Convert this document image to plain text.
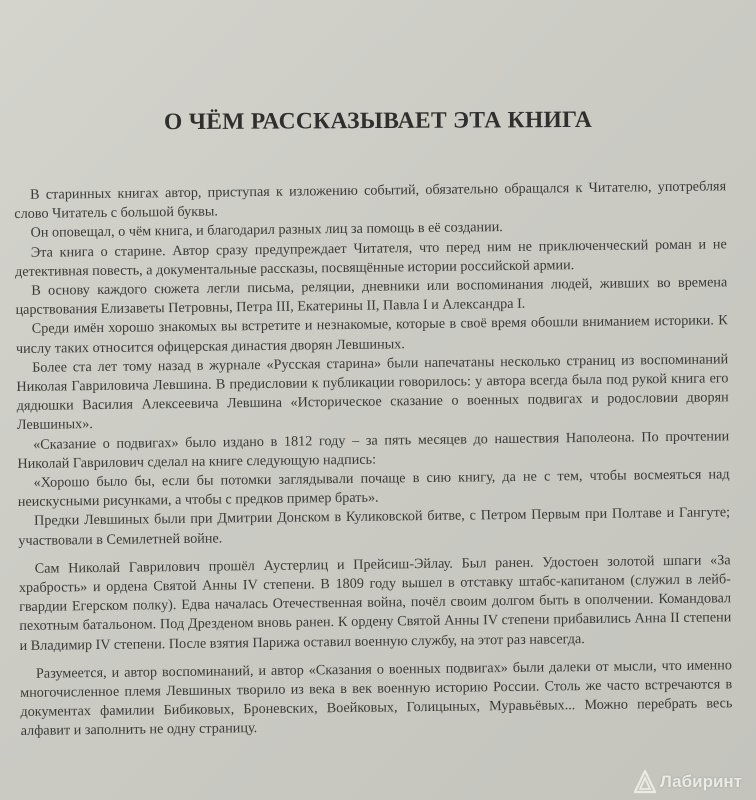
О ЧЁМ РАССКАЗЫВАЕТ ЭТА КНИГА

В старинных книгах автор, приступая к изложению событий, обязательно обращался к Читателю, употребляя слово Читатель с большой буквы.

Он оповещал, о чём книга, и благодарил разных лиц за помощь в её создании.

Эта книга о старине. Автор сразу предупреждает Читателя, что перед ним не приключенческий роман и не детективная повесть, а документальные рассказы, посвящённые истории российской армии.

В основу каждого сюжета легли письма, реляции, дневники или воспоминания людей, живших во времена царствования Елизаветы Петровны, Петра III, Екатерины II, Павла I и Александра I.

Среди имён хорошо знакомых вы встретите и незнакомые, которые в своё время обошли вниманием историки. К числу таких относится офицерская династия дворян Левшиных.

Более ста лет тому назад в журнале «Русская старина» были напечатаны несколько страниц из воспоминаний Николая Гавриловича Левшина. В предисловии к публикации говорилось: у автора всегда была под рукой книга его дядюшки Василия Алексеевича Левшина «Историческое сказание о военных подвигах и родословии дворян Левшиных».

«Сказание о подвигах» было издано в 1812 году – за пять месяцев до нашествия Наполеона. По прочтении Николай Гаврилович сделал на книге следующую надпись:

«Хорошо было бы, если бы потомки заглядывали почаще в сию книгу, да не с тем, чтобы восмеяться над неискусными рисунками, а чтобы с предков пример брать».

Предки Левшиных были при Дмитрии Донском в Куликовской битве, с Петром Первым при Полтаве и Гангуте; участвовали в Семилетней войне.

Сам Николай Гаврилович прошёл Аустерлиц и Прейсиш-Эйлау. Был ранен. Удостоен золотой шпаги «За храбрость» и ордена Святой Анны IV степени. В 1809 году вышел в отставку штабс-капитаном (служил в лейб-гвардии Егерском полку). Едва началась Отечественная война, почёл своим долгом быть в ополчении. Командовал пехотным батальоном. Под Дрезденом вновь ранен. К ордену Святой Анны IV степени прибавились Анна II степени и Владимир IV степени. После взятия Парижа оставил военную службу, на этот раз навсегда.

Разумеется, и автор воспоминаний, и автор «Сказания о военных подвигах» были далеки от мысли, что именно многочисленное племя Левшиных творило из века в век военную историю России. Столь же часто встречаются в документах фамилии Бибиковых, Броневских, Воейковых, Голицыных, Муравьёвых... Можно перебрать весь алфавит и заполнить не одну страницу.

Лабиринт
